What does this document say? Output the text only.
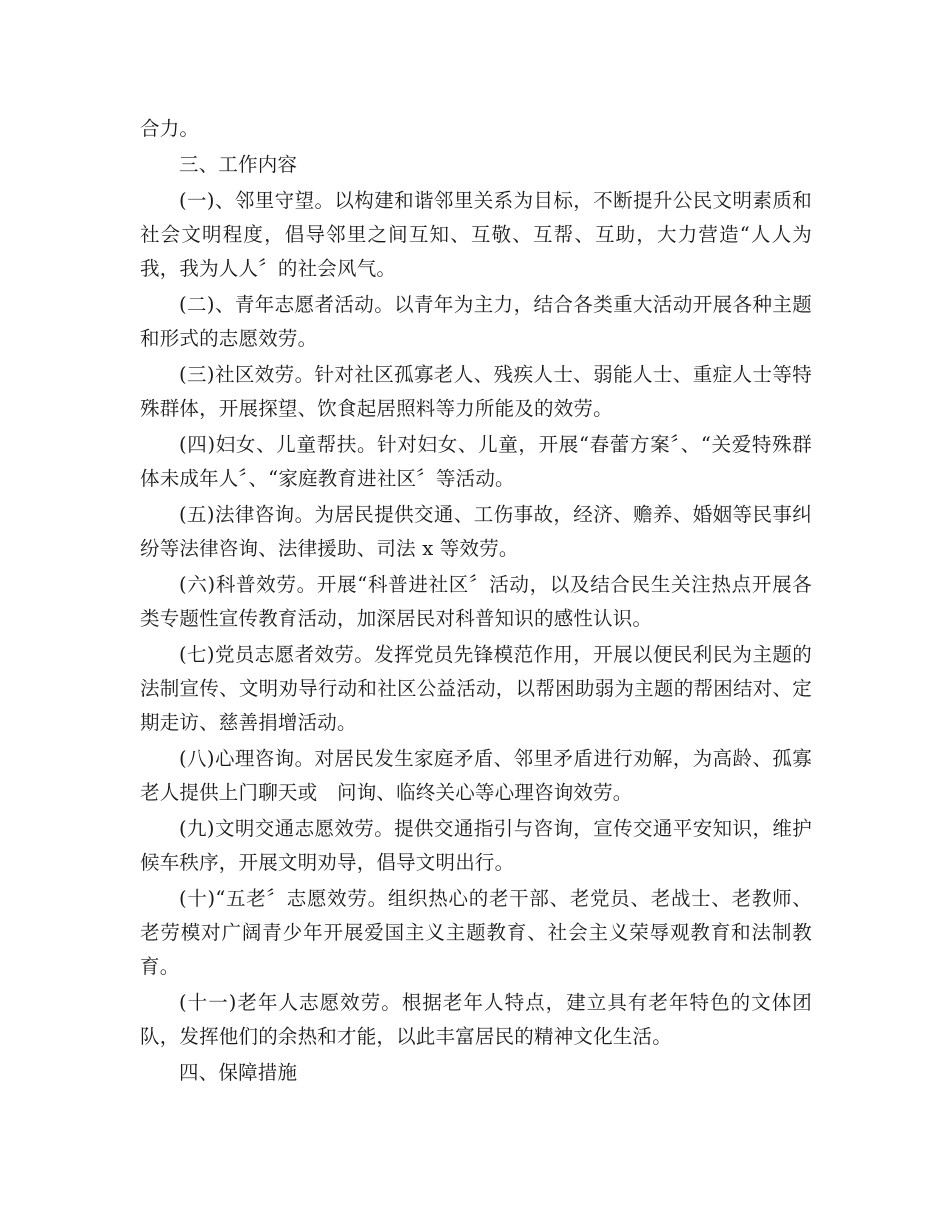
合力。

三、工作内容

(一)、邻里守望。以构建和谐邻里关系为目标，不断提升公民文明素质和社会文明程度，倡导邻里之间互知、互敬、互帮、互助，大力营造“人人为我，我为人人〞的社会风气。

(二)、青年志愿者活动。以青年为主力，结合各类重大活动开展各种主题和形式的志愿效劳。

(三)社区效劳。针对社区孤寡老人、残疾人士、弱能人士、重症人士等特殊群体，开展探望、饮食起居照料等力所能及的效劳。

(四)妇女、儿童帮扶。针对妇女、儿童，开展“春蕾方案〞、“关爱特殊群体未成年人〞、“家庭教育进社区〞等活动。

(五)法律咨询。为居民提供交通、工伤事故，经济、赡养、婚姻等民事纠纷等法律咨询、法律援助、司法 x 等效劳。

(六)科普效劳。开展“科普进社区〞活动，以及结合民生关注热点开展各类专题性宣传教育活动，加深居民对科普知识的感性认识。

(七)党员志愿者效劳。发挥党员先锋模范作用，开展以便民利民为主题的法制宣传、文明劝导行动和社区公益活动，以帮困助弱为主题的帮困结对、定期走访、慈善捐增活动。

(八)心理咨询。对居民发生家庭矛盾、邻里矛盾进行劝解，为高龄、孤寡老人提供上门聊天或　问询、临终关心等心理咨询效劳。

(九)文明交通志愿效劳。提供交通指引与咨询，宣传交通平安知识，维护候车秩序，开展文明劝导，倡导文明出行。

(十)“五老〞志愿效劳。组织热心的老干部、老党员、老战士、老教师、老劳模对广阔青少年开展爱国主义主题教育、社会主义荣辱观教育和法制教育。

(十一)老年人志愿效劳。根据老年人特点，建立具有老年特色的文体团队，发挥他们的余热和才能，以此丰富居民的精神文化生活。

四、保障措施
